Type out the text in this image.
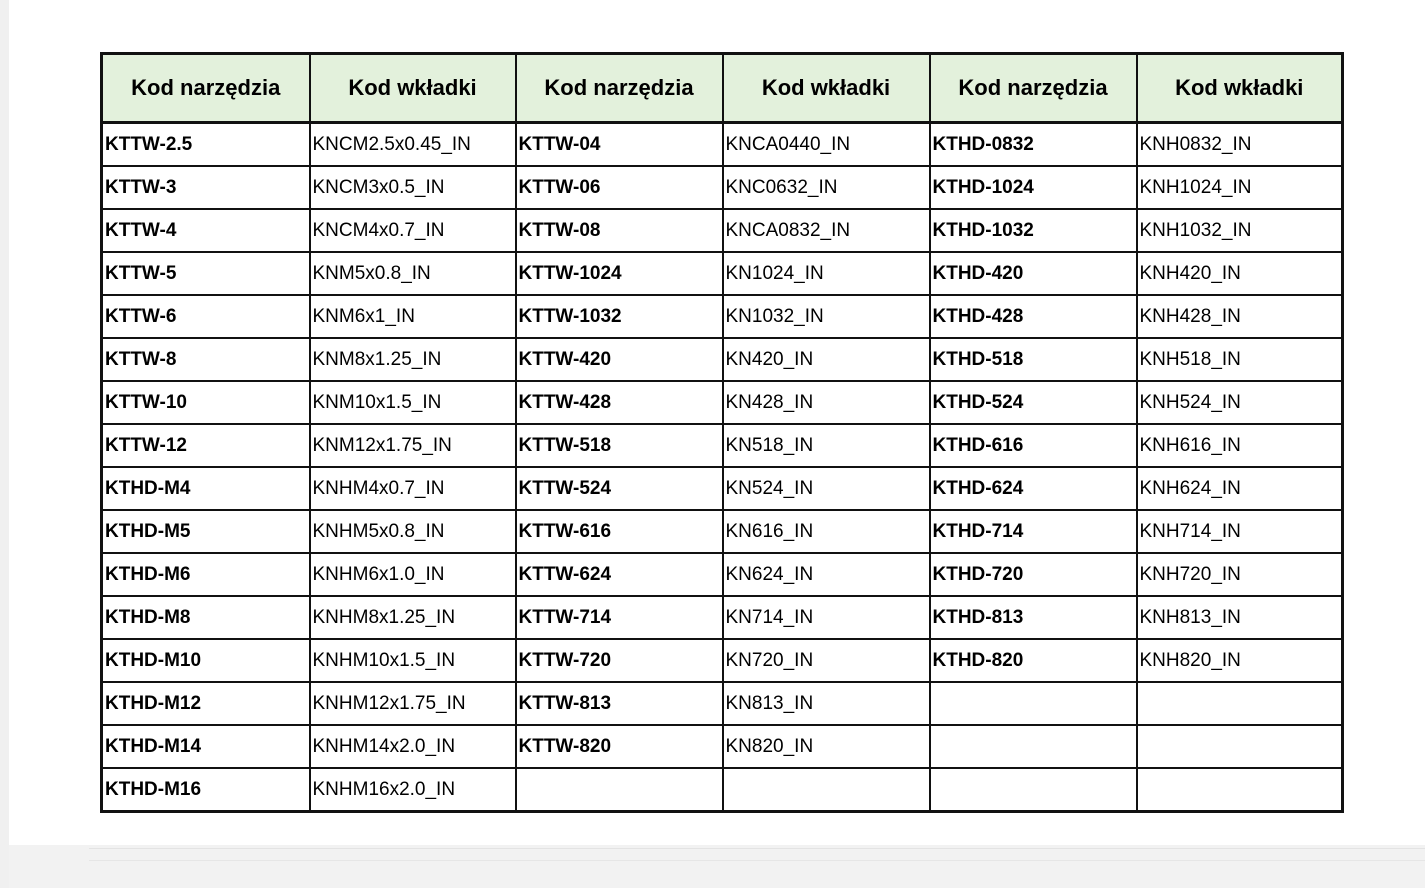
Kod narzędzia	Kod wkładki	Kod narzędzia	Kod wkładki	Kod narzędzia	Kod wkładki
KTTW-2.5	KNCM2.5x0.45_IN	KTTW-04	KNCA0440_IN	KTHD-0832	KNH0832_IN
KTTW-3	KNCM3x0.5_IN	KTTW-06	KNC0632_IN	KTHD-1024	KNH1024_IN
KTTW-4	KNCM4x0.7_IN	KTTW-08	KNCA0832_IN	KTHD-1032	KNH1032_IN
KTTW-5	KNM5x0.8_IN	KTTW-1024	KN1024_IN	KTHD-420	KNH420_IN
KTTW-6	KNM6x1_IN	KTTW-1032	KN1032_IN	KTHD-428	KNH428_IN
KTTW-8	KNM8x1.25_IN	KTTW-420	KN420_IN	KTHD-518	KNH518_IN
KTTW-10	KNM10x1.5_IN	KTTW-428	KN428_IN	KTHD-524	KNH524_IN
KTTW-12	KNM12x1.75_IN	KTTW-518	KN518_IN	KTHD-616	KNH616_IN
KTHD-M4	KNHM4x0.7_IN	KTTW-524	KN524_IN	KTHD-624	KNH624_IN
KTHD-M5	KNHM5x0.8_IN	KTTW-616	KN616_IN	KTHD-714	KNH714_IN
KTHD-M6	KNHM6x1.0_IN	KTTW-624	KN624_IN	KTHD-720	KNH720_IN
KTHD-M8	KNHM8x1.25_IN	KTTW-714	KN714_IN	KTHD-813	KNH813_IN
KTHD-M10	KNHM10x1.5_IN	KTTW-720	KN720_IN	KTHD-820	KNH820_IN
KTHD-M12	KNHM12x1.75_IN	KTTW-813	KN813_IN		
KTHD-M14	KNHM14x2.0_IN	KTTW-820	KN820_IN		
KTHD-M16	KNHM16x2.0_IN				
